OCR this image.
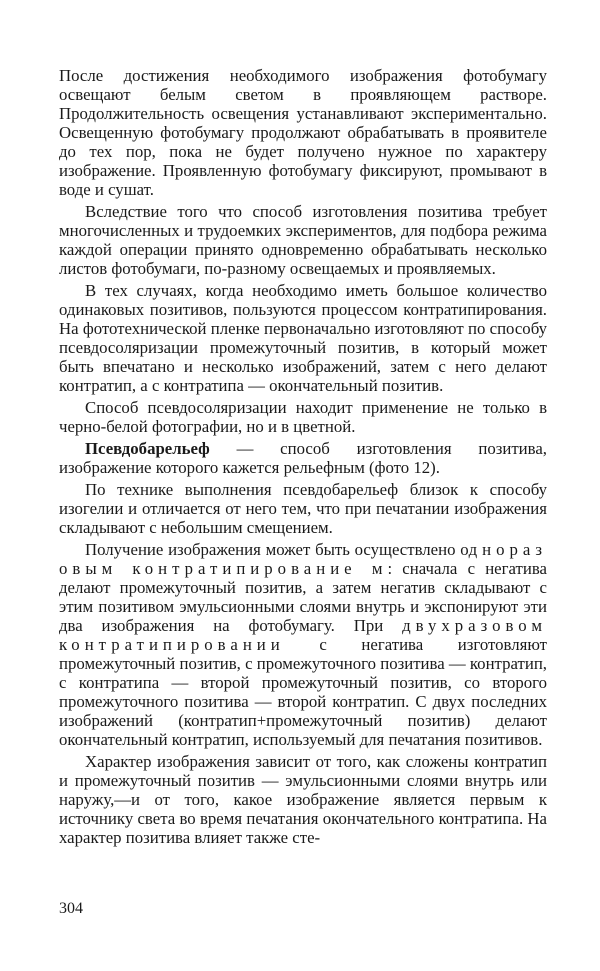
После достижения необходимого изображения фотобумагу освещают белым светом в проявляющем растворе. Продолжительность освещения устанавливают экспериментально. Освещенную фотобумагу продолжают обрабатывать в проявителе до тех пор, пока не будет получено нужное по характеру изображение. Проявленную фотобумагу фиксируют, промывают в воде и сушат.

Вследствие того что способ изготовления позитива требует многочисленных и трудоемких экспериментов, для подбора режима каждой операции принято одновременно обрабатывать несколько листов фотобумаги, по-разному освещаемых и проявляемых.

В тех случаях, когда необходимо иметь большое количество одинаковых позитивов, пользуются процессом контратипирования. На фототехнической пленке первоначально изготовляют по способу псевдосоляризации промежуточный позитив, в который может быть впечатано и несколько изображений, затем с него делают контратип, а с контратипа — окончательный позитив.

Способ псевдосоляризации находит применение не только в черно-белой фотографии, но и в цветной.

Псевдобарельеф — способ изготовления позитива, изображение которого кажется рельефным (фото 12).

По технике выполнения псевдобарельеф близок к способу изогелии и отличается от него тем, что при печатании изображения складывают с небольшим смещением.

Получение изображения может быть осуществлено однораз овым контратипирование м: сначала с негатива делают промежуточный позитив, а затем негатив складывают с этим позитивом эмульсионными слоями внутрь и экспонируют эти два изображения на фотобумагу. При двухразовом контратипировании с негатива изготовляют промежуточный позитив, с промежуточного позитива — контратип, с контратипа — второй промежуточный позитив, со второго промежуточного позитива — второй контратип. С двух последних изображений (контратип+промежуточный позитив) делают окончательный контратип, используемый для печатания позитивов.

Характер изображения зависит от того, как сложены контратип и промежуточный позитив — эмульсионными слоями внутрь или наружу,—и от того, какое изображение является первым к источнику света во время печатания окончательного контратипа. На характер позитива влияет также сте-

304
